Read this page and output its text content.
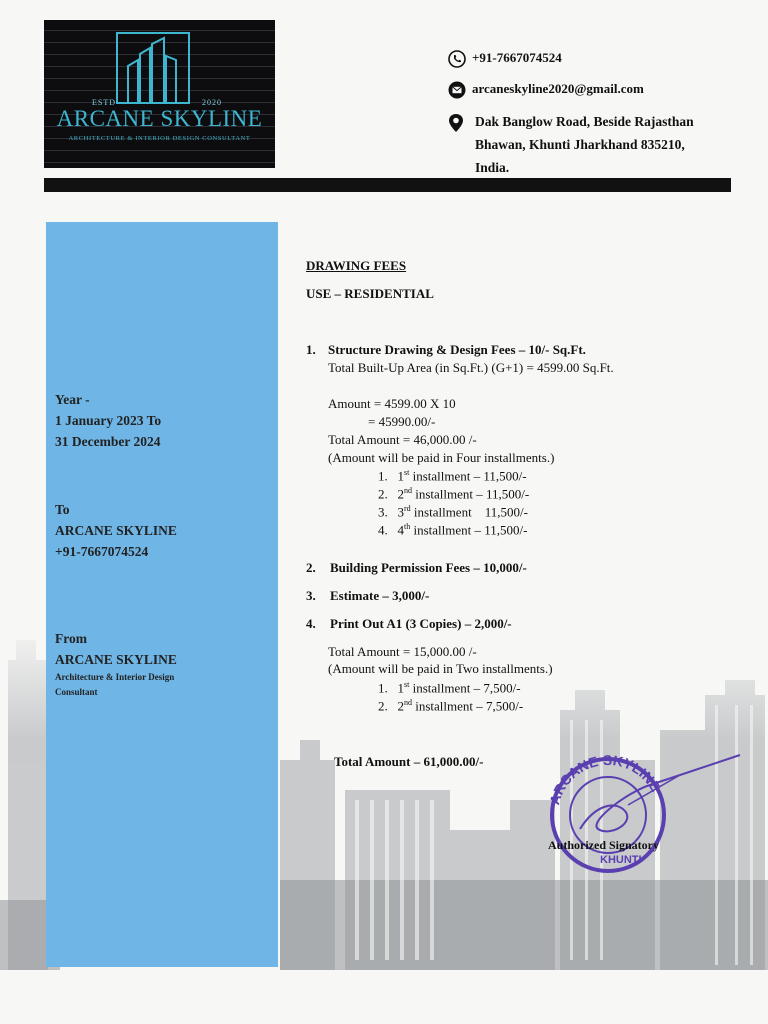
ESTD	2020
ARCANE SKYLINE
ARCHITECTURE & INTERIOR DESIGN CONSULTANT
+91-7667074524
arcaneskyline2020@gmail.com
Dak Banglow Road, Beside Rajasthan
Bhawan, Khunti Jharkhand 835210,
India.
Year -
1 January 2023 To
31 December 2024
To
ARCANE SKYLINE
+91-7667074524
From
ARCANE SKYLINE
Architecture & Interior Design
Consultant
DRAWING FEES
USE – RESIDENTIAL
1. Structure Drawing & Design Fees – 10/- Sq.Ft.
Total Built-Up Area (in Sq.Ft.) (G+1) = 4599.00 Sq.Ft.
Amount = 4599.00 X 10
= 45990.00/-
Total Amount = 46,000.00 /-
(Amount will be paid in Four installments.)
1. 1st installment – 11,500/-
2. 2nd installment – 11,500/-
3. 3rd installment    11,500/-
4. 4th installment – 11,500/-
2. Building Permission Fees – 10,000/-
3. Estimate – 3,000/-
4. Print Out A1 (3 Copies) – 2,000/-
Total Amount = 15,000.00 /-
(Amount will be paid in Two installments.)
1. 1st installment – 7,500/-
2. 2nd installment – 7,500/-
Total Amount – 61,000.00/-
ARCANE SKYLINE
KHUNTI
Authorized Signatory
